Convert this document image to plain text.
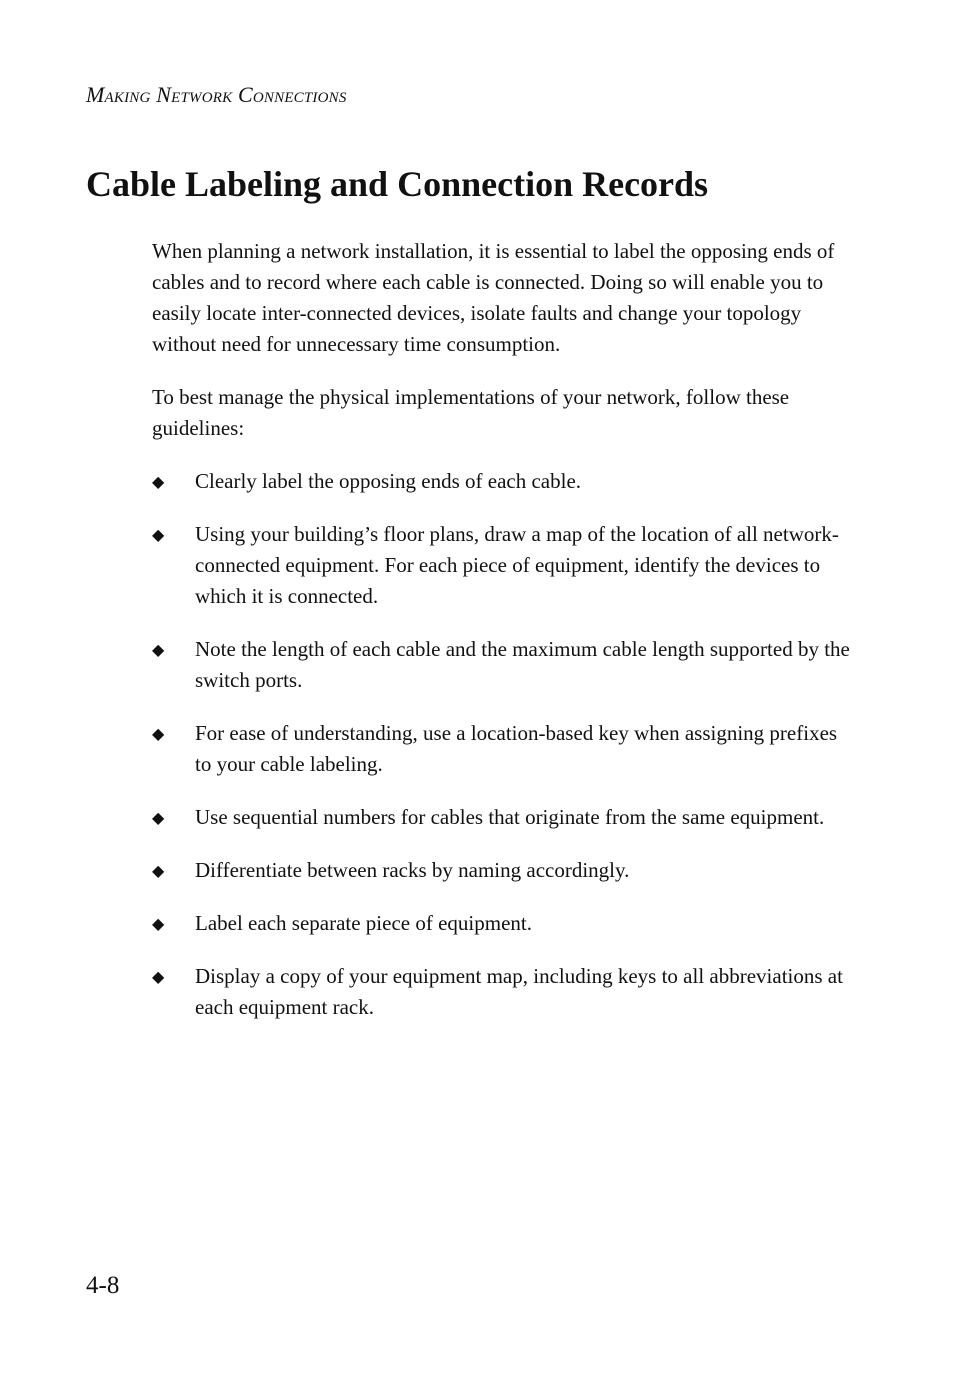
Making Network Connections
Cable Labeling and Connection Records

When planning a network installation, it is essential to label the opposing ends of cables and to record where each cable is connected. Doing so will enable you to easily locate inter-connected devices, isolate faults and change your topology without need for unnecessary time consumption.

To best manage the physical implementations of your network, follow these guidelines:

◆ Clearly label the opposing ends of each cable.
◆ Using your building’s floor plans, draw a map of the location of all network-connected equipment. For each piece of equipment, identify the devices to which it is connected.
◆ Note the length of each cable and the maximum cable length supported by the switch ports.
◆ For ease of understanding, use a location-based key when assigning prefixes to your cable labeling.
◆ Use sequential numbers for cables that originate from the same equipment.
◆ Differentiate between racks by naming accordingly.
◆ Label each separate piece of equipment.
◆ Display a copy of your equipment map, including keys to all abbreviations at each equipment rack.
4-8
